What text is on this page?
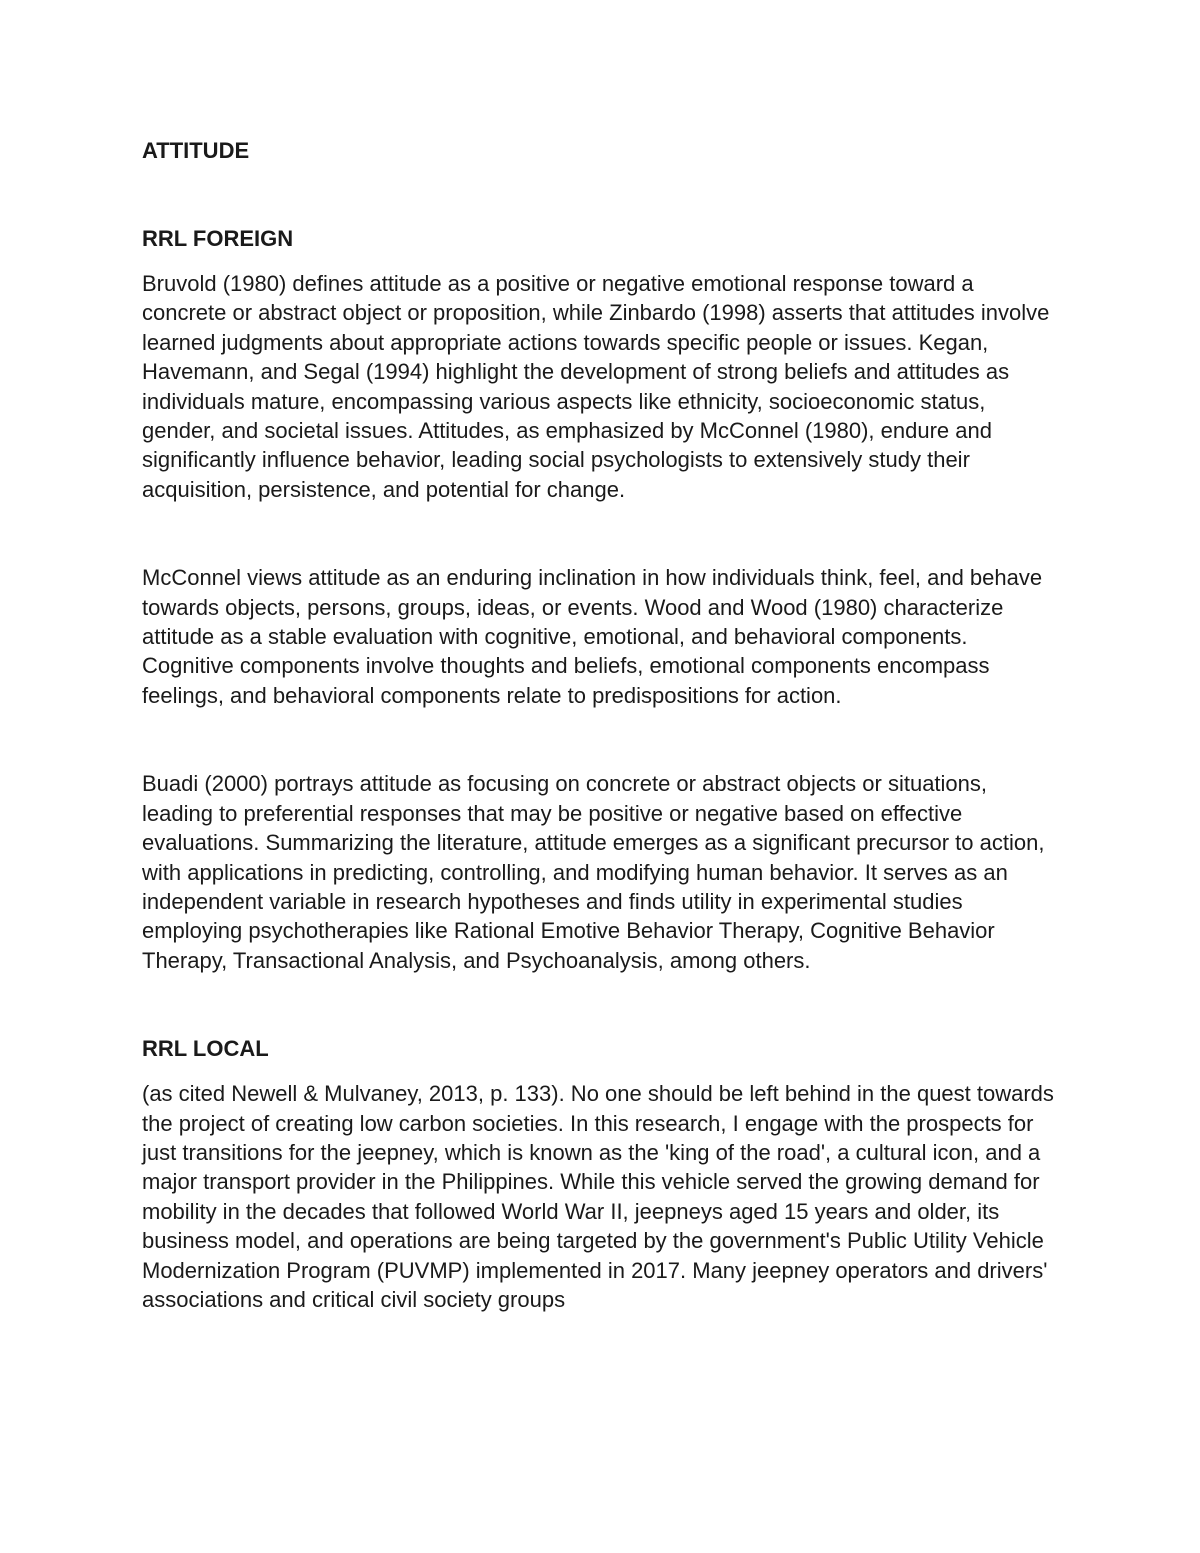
ATTITUDE

RRL FOREIGN

Bruvold (1980) defines attitude as a positive or negative emotional response toward a concrete or abstract object or proposition, while Zinbardo (1998) asserts that attitudes involve learned judgments about appropriate actions towards specific people or issues. Kegan, Havemann, and Segal (1994) highlight the development of strong beliefs and attitudes as individuals mature, encompassing various aspects like ethnicity, socioeconomic status, gender, and societal issues. Attitudes, as emphasized by McConnel (1980), endure and significantly influence behavior, leading social psychologists to extensively study their acquisition, persistence, and potential for change.

McConnel views attitude as an enduring inclination in how individuals think, feel, and behave towards objects, persons, groups, ideas, or events. Wood and Wood (1980) characterize attitude as a stable evaluation with cognitive, emotional, and behavioral components. Cognitive components involve thoughts and beliefs, emotional components encompass feelings, and behavioral components relate to predispositions for action.

Buadi (2000) portrays attitude as focusing on concrete or abstract objects or situations, leading to preferential responses that may be positive or negative based on effective evaluations. Summarizing the literature, attitude emerges as a significant precursor to action, with applications in predicting, controlling, and modifying human behavior. It serves as an independent variable in research hypotheses and finds utility in experimental studies employing psychotherapies like Rational Emotive Behavior Therapy, Cognitive Behavior Therapy, Transactional Analysis, and Psychoanalysis, among others.

RRL LOCAL

(as cited Newell & Mulvaney, 2013, p. 133). No one should be left behind in the quest towards the project of creating low carbon societies. In this research, I engage with the prospects for just transitions for the jeepney, which is known as the 'king of the road', a cultural icon, and a major transport provider in the Philippines. While this vehicle served the growing demand for mobility in the decades that followed World War II, jeepneys aged 15 years and older, its business model, and operations are being targeted by the government's Public Utility Vehicle Modernization Program (PUVMP) implemented in 2017. Many jeepney operators and drivers' associations and critical civil society groups
